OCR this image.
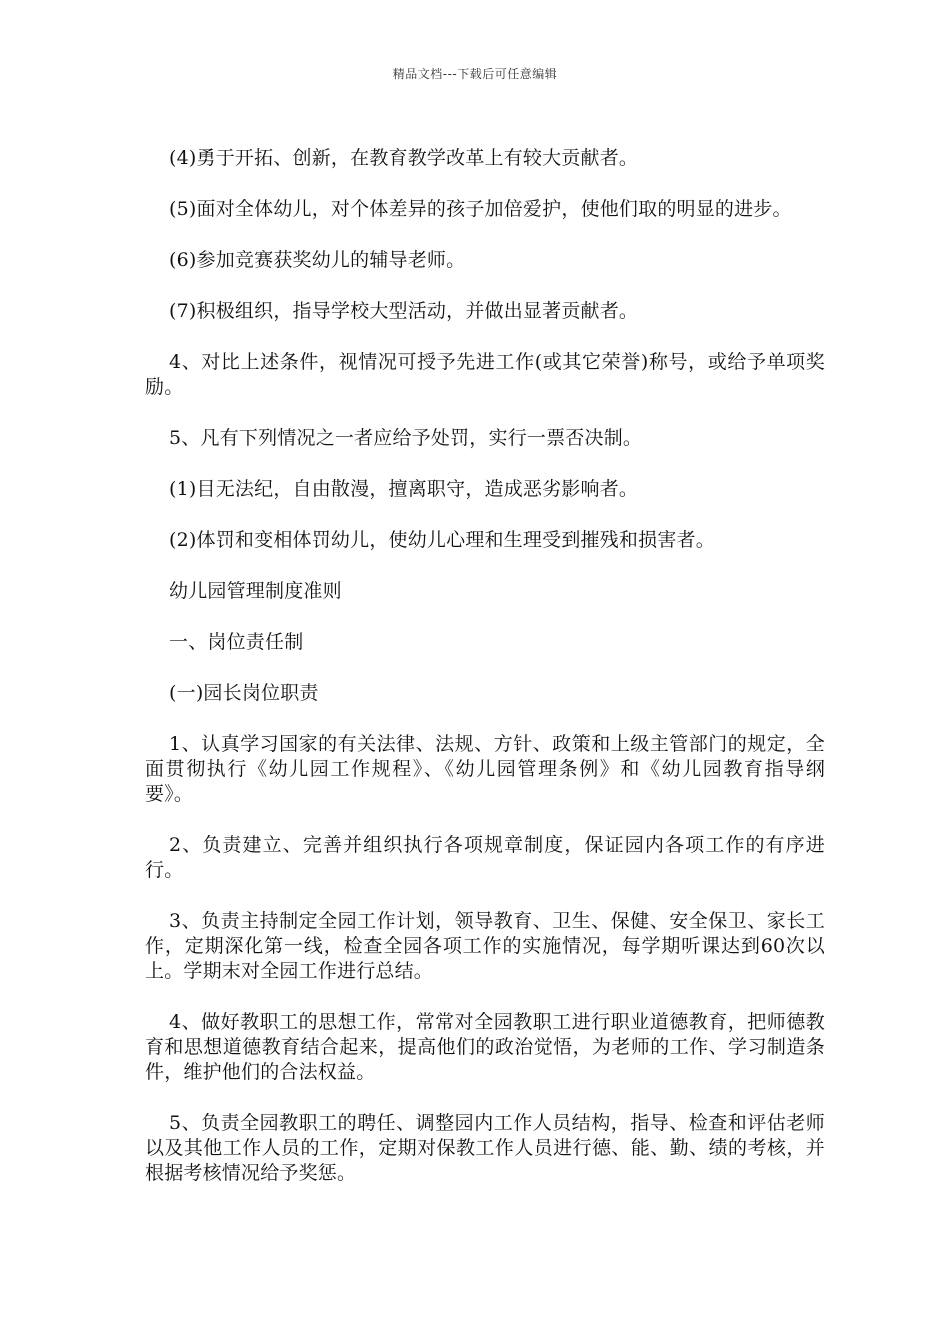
精品文档---下载后可任意编辑

(4)勇于开拓、创新，在教育教学改革上有较大贡献者。

(5)面对全体幼儿，对个体差异的孩子加倍爱护，使他们取的明显的进步。

(6)参加竞赛获奖幼儿的辅导老师。

(7)积极组织，指导学校大型活动，并做出显著贡献者。

4、对比上述条件，视情况可授予先进工作(或其它荣誉)称号，或给予单项奖励。

5、凡有下列情况之一者应给予处罚，实行一票否决制。

(1)目无法纪，自由散漫，擅离职守，造成恶劣影响者。

(2)体罚和变相体罚幼儿，使幼儿心理和生理受到摧残和损害者。

幼儿园管理制度准则

一、岗位责任制

(一)园长岗位职责

1、认真学习国家的有关法律、法规、方针、政策和上级主管部门的规定，全面贯彻执行《幼儿园工作规程》、《幼儿园管理条例》和《幼儿园教育指导纲要》。

2、负责建立、完善并组织执行各项规章制度，保证园内各项工作的有序进行。

3、负责主持制定全园工作计划，领导教育、卫生、保健、安全保卫、家长工作，定期深化第一线，检查全园各项工作的实施情况，每学期听课达到60次以上。学期末对全园工作进行总结。

4、做好教职工的思想工作，常常对全园教职工进行职业道德教育，把师德教育和思想道德教育结合起来，提高他们的政治觉悟，为老师的工作、学习制造条件，维护他们的合法权益。

5、负责全园教职工的聘任、调整园内工作人员结构，指导、检查和评估老师以及其他工作人员的工作，定期对保教工作人员进行德、能、勤、绩的考核，并根据考核情况给予奖惩。
